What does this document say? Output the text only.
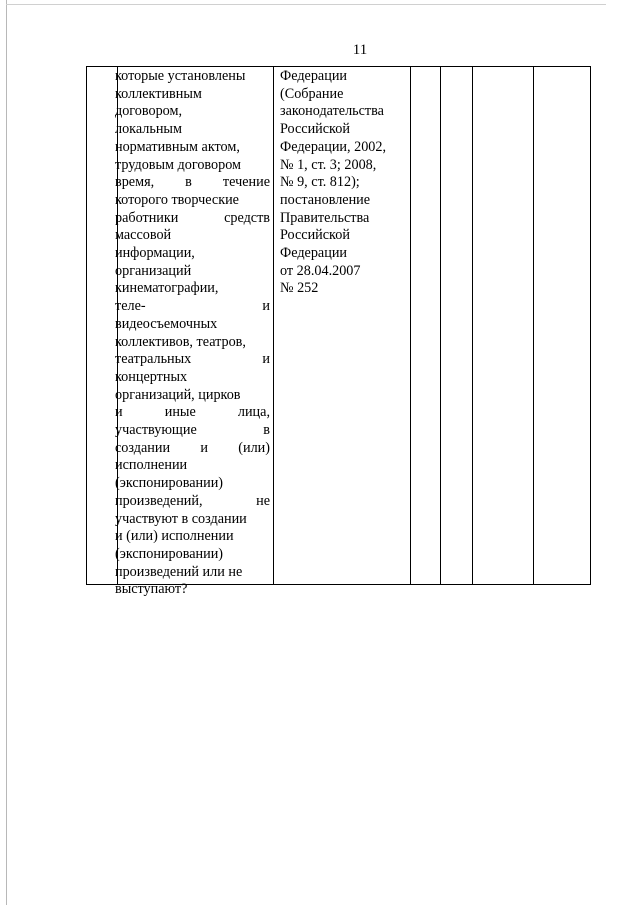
11
которые установлены
коллективным
договором,
локальным
нормативным актом,
трудовым договором
время, в течение
которого творческие
работники средств
массовой
информации,
организаций
кинематографии,
теле- и
видеосъемочных
коллективов, театров,
театральных и
концертных
организаций, цирков
и иные лица,
участвующие в
создании и (или)
исполнении
(экспонировании)
произведений, не
участвуют в создании
и (или) исполнении
(экспонировании)
произведений или не
выступают?
Федерации
(Собрание
законодательства
Российской
Федерации, 2002,
№ 1, ст. 3; 2008,
№ 9, ст. 812);
постановление
Правительства
Российской
Федерации
от 28.04.2007
№ 252
